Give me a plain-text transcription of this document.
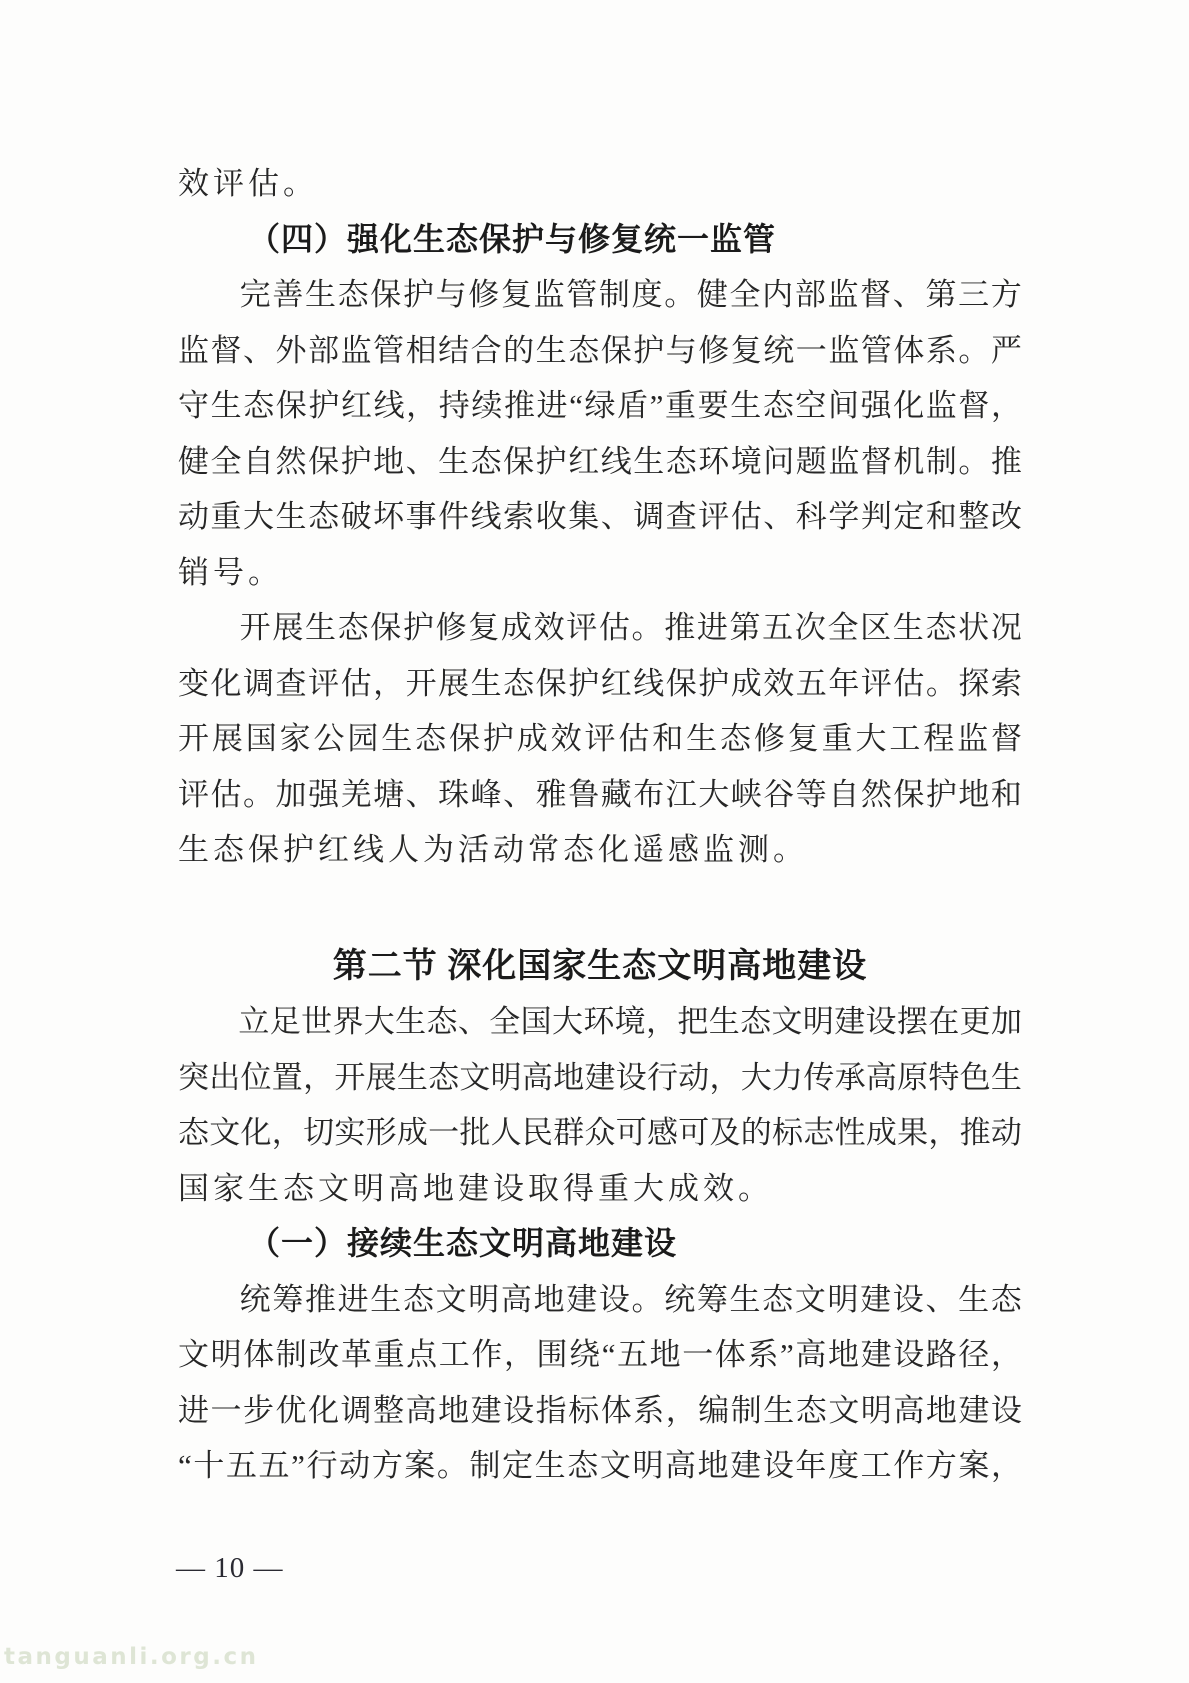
效评估。
（四）强化生态保护与修复统一监管
完 善 生 态 保 护 与 修 复 监 管 制 度 。 健 全 内 部 监 督 、 第 三 方
监 督 、 外 部 监 管 相 结 合 的 生 态 保 护 与 修 复 统 一 监 管 体 系 。 严
守 生 态 保 护 红 线 ， 持 续 推 进 “ 绿 盾 ” 重 要 生 态 空 间 强 化 监 督 ，
健 全 自 然 保 护 地 、 生 态 保 护 红 线 生 态 环 境 问 题 监 督 机 制 。 推
动 重 大 生 态 破 坏 事 件 线 索 收 集 、 调 查 评 估 、 科 学 判 定 和 整 改
销号。
开 展 生 态 保 护 修 复 成 效 评 估 。 推 进 第 五 次 全 区 生 态 状 况
变 化 调 查 评 估 ， 开 展 生 态 保 护 红 线 保 护 成 效 五 年 评 估 。 探 索
开 展 国 家 公 园 生 态 保 护 成 效 评 估 和 生 态 修 复 重 大 工 程 监 督
评 估 。 加 强 羌 塘 、 珠 峰 、 雅 鲁 藏 布 江 大 峡 谷 等 自 然 保 护 地 和
生态保护红线人为活动常态化遥感监测。
第二节 深化国家生态文明高地建设
立 足 世 界 大 生 态 、 全 国 大 环 境 ， 把 生 态 文 明 建 设 摆 在 更 加
突 出 位 置 ， 开 展 生 态 文 明 高 地 建 设 行 动 ， 大 力 传 承 高 原 特 色 生
态 文 化 ， 切 实 形 成 一 批 人 民 群 众 可 感 可 及 的 标 志 性 成 果 ， 推 动
国家生态文明高地建设取得重大成效。
（一）接续生态文明高地建设
统 筹 推 进 生 态 文 明 高 地 建 设 。 统 筹 生 态 文 明 建 设 、 生 态
文 明 体 制 改 革 重 点 工 作 ， 围 绕 “ 五 地 一 体 系 ” 高 地 建 设 路 径 ，
进 一 步 优 化 调 整 高 地 建 设 指 标 体 系 ， 编 制 生 态 文 明 高 地 建 设
“ 十 五 五 ” 行 动 方 案 。 制 定 生 态 文 明 高 地 建 设 年 度 工 作 方 案 ，
— 10 —
tanguanli.org.cn
